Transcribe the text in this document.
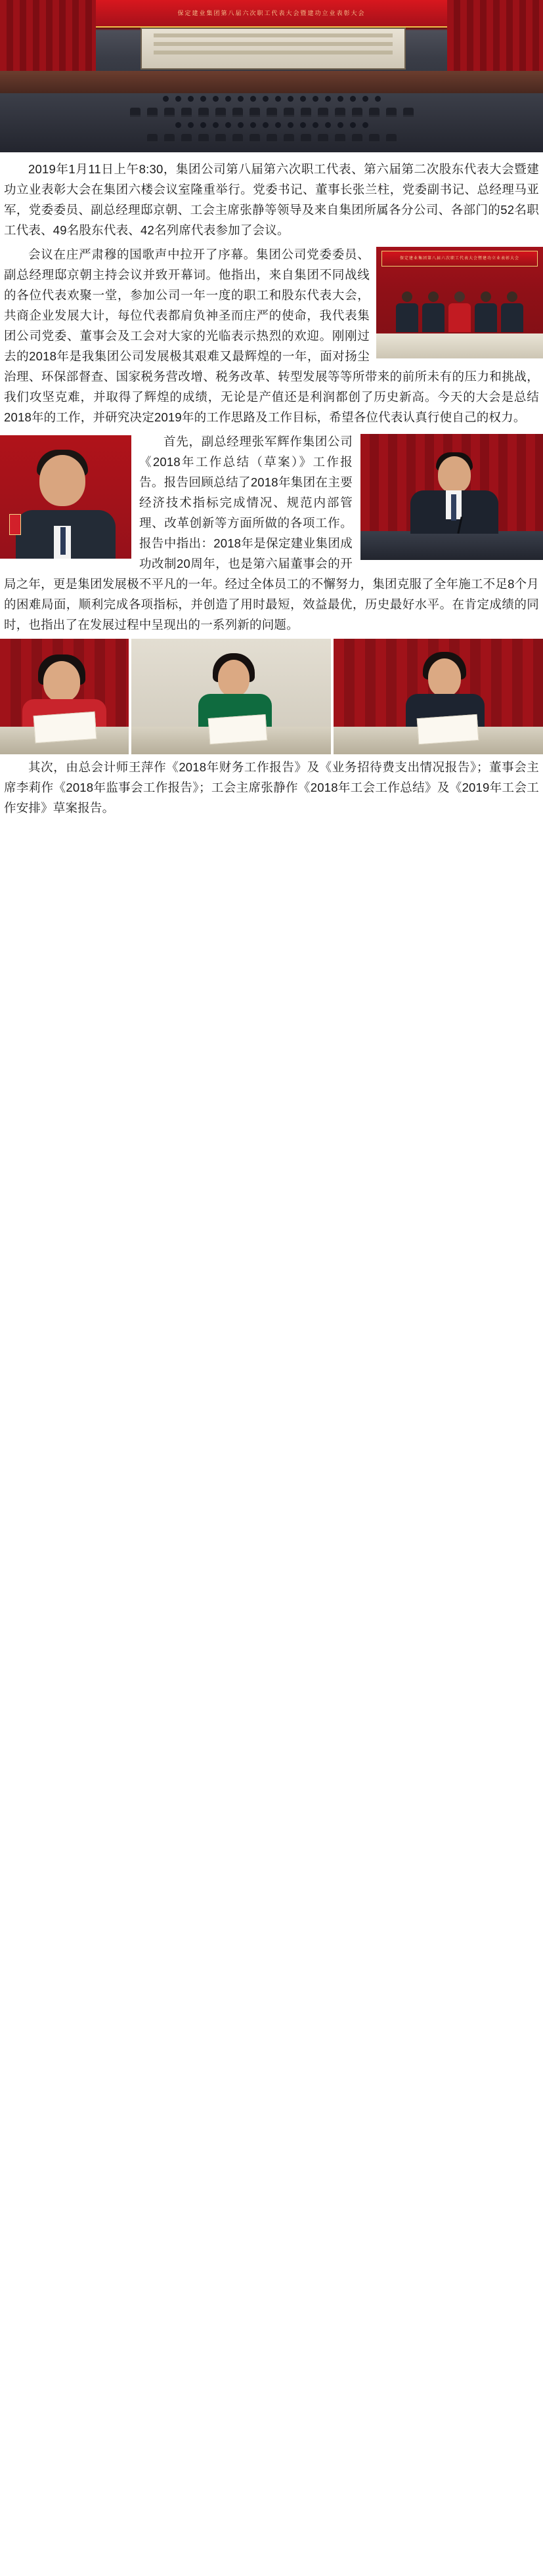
保定建业集团第八届六次职工代表大会暨建功立业表彰大会
2019年1月11日上午8:30，集团公司第八届第六次职工代表、第六届第二次股东代表大会暨建功立业表彰大会在集团六楼会议室隆重举行。党委书记、董事长张兰柱，党委副书记、总经理马亚军，党委委员、副总经理邸京朝、工会主席张静等领导及来自集团所属各分公司、各部门的52名职工代表、49名股东代表、42名列席代表参加了会议。
保定建业集团第八届六次职工代表大会暨建功立业表彰大会
会议在庄严肃穆的国歌声中拉开了序幕。集团公司党委委员、副总经理邸京朝主持会议并致开幕词。他指出，来自集团不同战线的各位代表欢聚一堂，参加公司一年一度的职工和股东代表大会，共商企业发展大计，每位代表都肩负神圣而庄严的使命，我代表集团公司党委、董事会及工会对大家的光临表示热烈的欢迎。刚刚过去的2018年是我集团公司发展极其艰难又最辉煌的一年，面对扬尘治理、环保部督查、国家税务营改增、税务改革、转型发展等等所带来的前所未有的压力和挑战，我们攻坚克难，并取得了辉煌的成绩，无论是产值还是利润都创了历史新高。今天的大会是总结2018年的工作，并研究决定2019年的工作思路及工作目标，希望各位代表认真行使自己的权力。
首先，副总经理张军辉作集团公司《2018年工作总结（草案）》工作报告。报告回顾总结了2018年集团在主要经济技术指标完成情况、规范内部管理、改革创新等方面所做的各项工作。报告中指出：2018年是保定建业集团成功改制20周年，也是第六届董事会的开局之年，更是集团发展极不平凡的一年。经过全体员工的不懈努力，集团克服了全年施工不足8个月的困难局面，顺利完成各项指标，并创造了用时最短，效益最优，历史最好水平。在肯定成绩的同时，也指出了在发展过程中呈现出的一系列新的问题。
其次，由总会计师王萍作《2018年财务工作报告》及《业务招待费支出情况报告》；董事会主席李莉作《2018年监事会工作报告》；工会主席张静作《2018年工会工作总结》及《2019年工会工作安排》草案报告。
